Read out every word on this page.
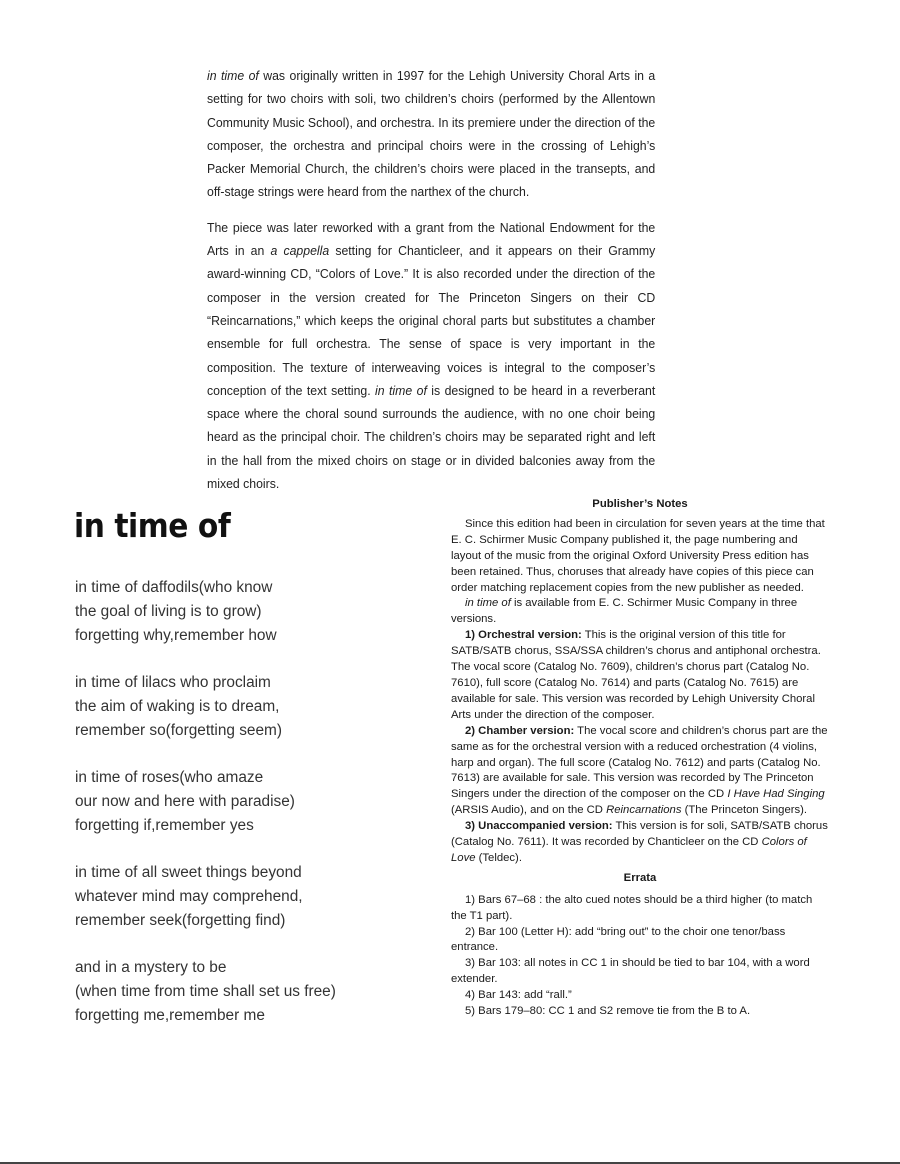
in time of was originally written in 1997 for the Lehigh University Choral Arts in a setting for two choirs with soli, two children’s choirs (performed by the Allentown Community Music School), and orchestra. In its premiere under the direction of the composer, the orchestra and principal choirs were in the crossing of Lehigh’s Packer Memorial Church, the children’s choirs were placed in the transepts, and off-stage strings were heard from the narthex of the church.

The piece was later reworked with a grant from the National Endowment for the Arts in an a cappella setting for Chanticleer, and it appears on their Grammy award-winning CD, “Colors of Love.” It is also recorded under the direction of the composer in the version created for The Princeton Singers on their CD “Reincarnations,” which keeps the original choral parts but substitutes a chamber ensemble for full orchestra. The sense of space is very important in the composition. The texture of interweaving voices is integral to the composer’s conception of the text setting. in time of is designed to be heard in a reverberant space where the choral sound surrounds the audience, with no one choir being heard as the principal choir. The children’s choirs may be separated right and left in the hall from the mixed choirs on stage or in divided balconies away from the mixed choirs.

in time of
in time of daffodils(who know
the goal of living is to grow)
forgetting why,remember how
in time of lilacs who proclaim
the aim of waking is to dream,
remember so(forgetting seem)
in time of roses(who amaze
our now and here with paradise)
forgetting if,remember yes
in time of all sweet things beyond
whatever mind may comprehend,
remember seek(forgetting find)
and in a mystery to be
(when time from time shall set us free)
forgetting me,remember me
Publisher’s Notes

Since this edition had been in circulation for seven years at the time that E. C. Schirmer Music Company published it, the page numbering and layout of the music from the original Oxford University Press edition has been retained. Thus, choruses that already have copies of this piece can order matching replacement copies from the new publisher as needed.

in time of is available from E. C. Schirmer Music Company in three versions.

1) Orchestral version: This is the original version of this title for SATB/SATB chorus, SSA/SSA children’s chorus and antiphonal orchestra. The vocal score (Catalog No. 7609), children’s chorus part (Catalog No. 7610), full score (Catalog No. 7614) and parts (Catalog No. 7615) are available for sale. This version was recorded by Lehigh University Choral Arts under the direction of the composer.

2) Chamber version: The vocal score and children’s chorus part are the same as for the orchestral version with a reduced orchestration (4 violins, harp and organ). The full score (Catalog No. 7612) and parts (Catalog No. 7613) are available for sale. This version was recorded by The Princeton Singers under the direction of the composer on the CD I Have Had Singing (ARSIS Audio), and on the CD Reincarnations (The Princeton Singers).

3) Unaccompanied version: This version is for soli, SATB/SATB chorus (Catalog No. 7611). It was recorded by Chanticleer on the CD Colors of Love (Teldec).

Errata

1) Bars 67–68 : the alto cued notes should be a third higher (to match the T1 part).

2) Bar 100 (Letter H): add “bring out” to the choir one tenor/bass entrance.

3) Bar 103: all notes in CC 1 in should be tied to bar 104, with a word extender.

4) Bar 143: add “rall.”

5) Bars 179–80: CC 1 and S2 remove tie from the B to A.
